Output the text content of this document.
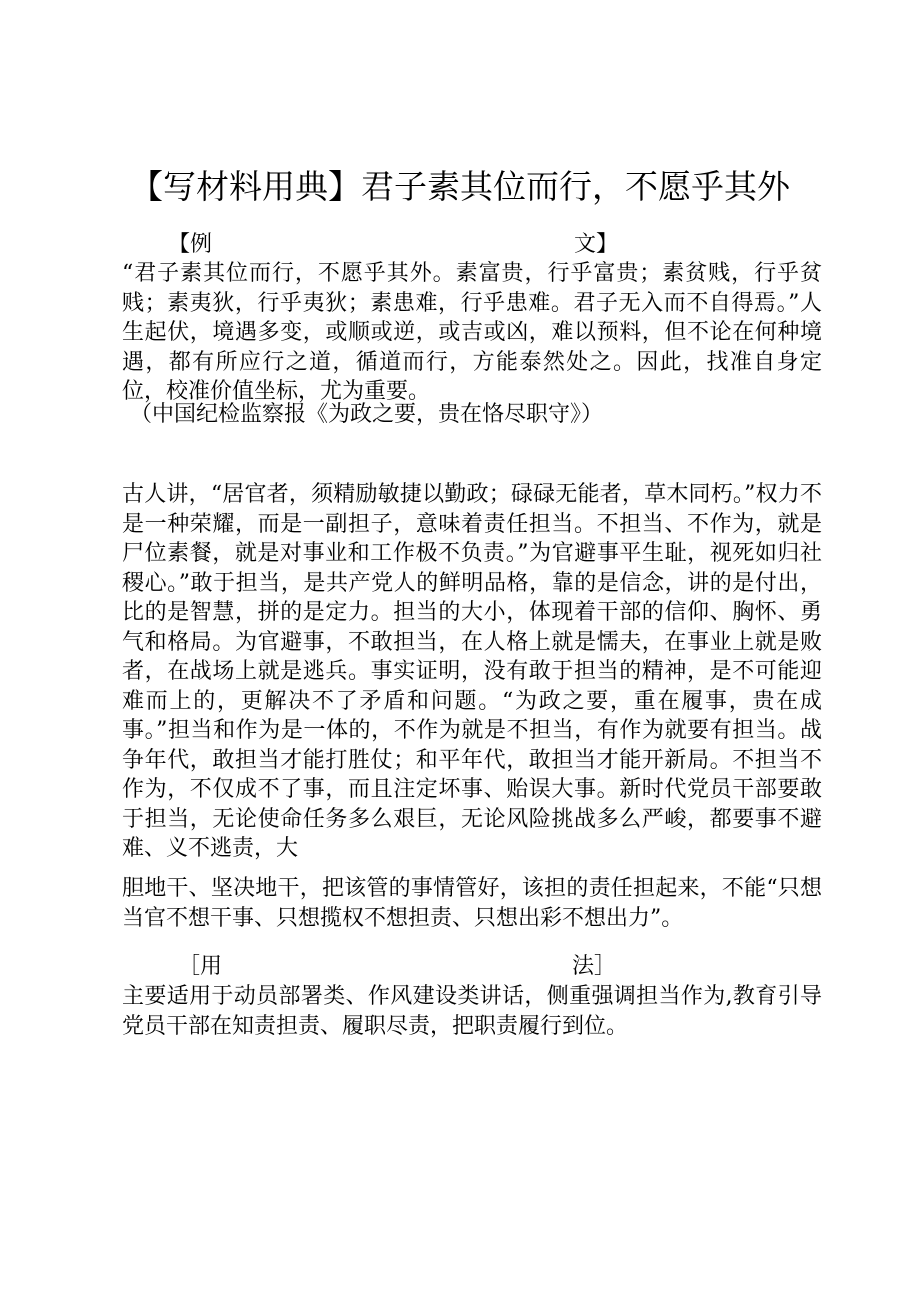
【写材料用典】君子素其位而行，不愿乎其外
【例	文】

“君子素其位而行，不愿乎其外。素富贵，行乎富贵；素贫贱，行乎贫贱；素夷狄，行乎夷狄；素患难，行乎患难。君子无入而不自得焉。”人生起伏，境遇多变，或顺或逆，或吉或凶，难以预料，但不论在何种境遇，都有所应行之道，循道而行，方能泰然处之。因此，找准自身定位，校准价值坐标，尤为重要。

（中国纪检监察报《为政之要，贵在恪尽职守》）

古人讲，“居官者，须精励敏捷以勤政；碌碌无能者，草木同朽。”权力不是一种荣耀，而是一副担子，意味着责任担当。不担当、不作为，就是尸位素餐，就是对事业和工作极不负责。”为官避事平生耻，视死如归社稷心。”敢于担当，是共产党人的鲜明品格，靠的是信念，讲的是付出，比的是智慧，拼的是定力。担当的大小，体现着干部的信仰、胸怀、勇气和格局。为官避事，不敢担当，在人格上就是懦夫，在事业上就是败者，在战场上就是逃兵。事实证明，没有敢于担当的精神，是不可能迎难而上的，更解决不了矛盾和问题。“为政之要，重在履事，贵在成事。”担当和作为是一体的，不作为就是不担当，有作为就要有担当。战争年代，敢担当才能打胜仗；和平年代，敢担当才能开新局。不担当不作为，不仅成不了事，而且注定坏事、贻误大事。新时代党员干部要敢于担当，无论使命任务多么艰巨，无论风险挑战多么严峻，都要事不避难、义不逃责，大

胆地干、坚决地干，把该管的事情管好，该担的责任担起来，不能“只想当官不想干事、只想揽权不想担责、只想出彩不想出力”。

［用	法］

主要适用于动员部署类、作风建设类讲话，侧重强调担当作为,教育引导党员干部在知责担责、履职尽责，把职责履行到位。
